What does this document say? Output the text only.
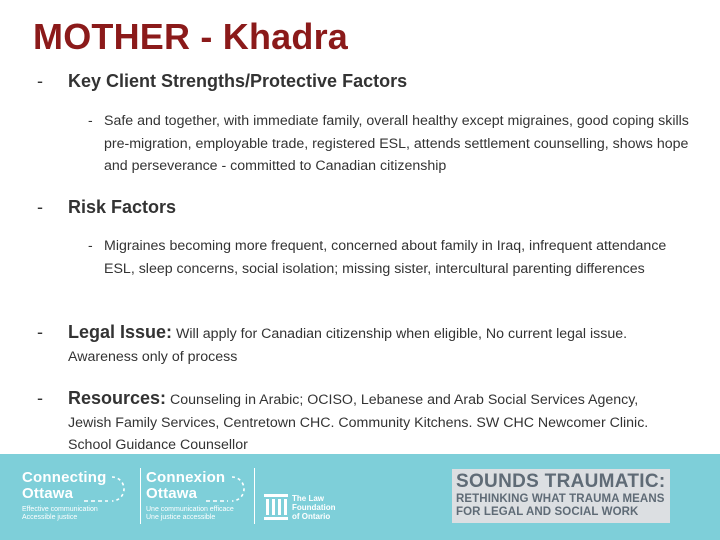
MOTHER - Khadra
- Key Client Strengths/Protective Factors
- Safe and together, with immediate family, overall healthy except migraines, good coping skills pre-migration, employable trade, registered ESL, attends settlement counselling, shows hope and perseverance - committed to Canadian citizenship
- Risk Factors
- Migraines becoming more frequent, concerned about family in Iraq, infrequent attendance ESL, sleep concerns, social isolation; missing sister, intercultural parenting differences
- Legal Issue: Will apply for Canadian citizenship when eligible, No current legal issue. Awareness only of process
- Resources: Counseling in Arabic; OCISO, Lebanese and Arab Social Services Agency, Jewish Family Services, Centretown CHC. Community Kitchens. SW CHC Newcomer Clinic. School Guidance Counsellor
Connecting
Ottawa
Effective communication
Accessible justice
Connexion
Ottawa
Une communication efficace
Une justice accessible
The Law
Foundation
of Ontario
SOUNDS TRAUMATIC:
RETHINKING WHAT TRAUMA MEANS
FOR LEGAL AND SOCIAL WORK
